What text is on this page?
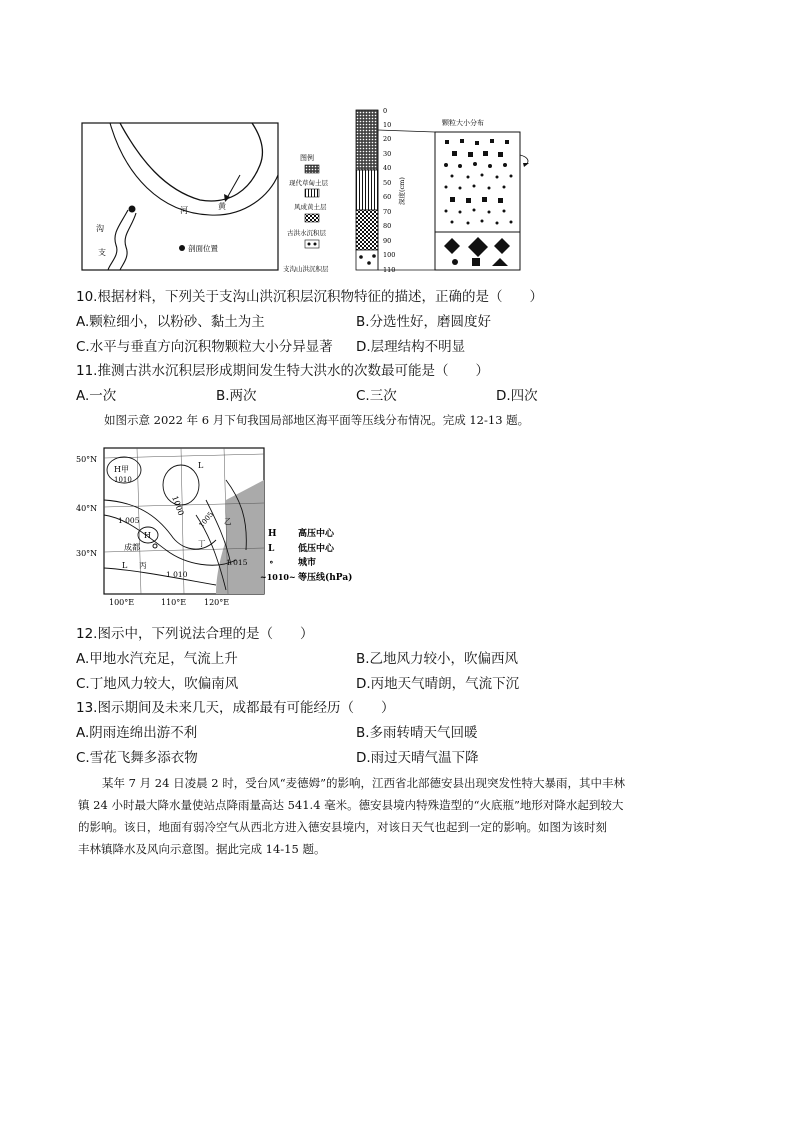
河	黄
沟
支	剖面位置
图例
现代草甸土层
风成黄土层
古洪水沉积层
支沟山洪沉积层
0
10
20
30
40
50
60
70
80
90
100
110
深度(cm)
颗粒大小分布
10.根据材料，下列关于支沟山洪沉积层沉积物特征的描述，正确的是（　　）
A.颗粒细小，以粉砂、黏土为主	B.分选性好，磨圆度好
C.水平与垂直方向沉积物颗粒大小分异显著 D.层理结构不明显
11.推测古洪水沉积层形成期间发生特大洪水的次数最可能是（　　）
A.一次	B.两次	C.三次	D.四次
如图示意 2022 年 6 月下旬我国局部地区海平面等压线分布情况。完成 12-13 题。
50°N
40°N
30°N
H甲
1010
1000
L
1 005
H
成都
L 丙
1 010
1 015
1005
丁
乙
100°E	110°E 120°E
H 高压中心
L	低压中心
∘	城市
~1010~ 等压线(hPa)
12.图示中，下列说法合理的是（　　）
A.甲地水汽充足，气流上升	B.乙地风力较小，吹偏西风
C.丁地风力较大，吹偏南风	D.丙地天气晴朗，气流下沉
13.图示期间及未来几天，成都最有可能经历（　　）
A.阴雨连绵出游不利	B.多雨转晴天气回暖
C.雪花飞舞多添衣物	D.雨过天晴气温下降
某年 7 月 24 日凌晨 2 时，受台风“麦德姆”的影响，江西省北部德安县出现突发性特大暴雨，其中丰林
镇 24 小时最大降水量使站点降雨量高达 541.4 毫米。德安县境内特殊造型的“火底瓶”地形对降水起到较大
的影响。该日，地面有弱冷空气从西北方进入德安县境内，对该日天气也起到一定的影响。如图为该时刻
丰林镇降水及风向示意图。据此完成 14-15 题。
